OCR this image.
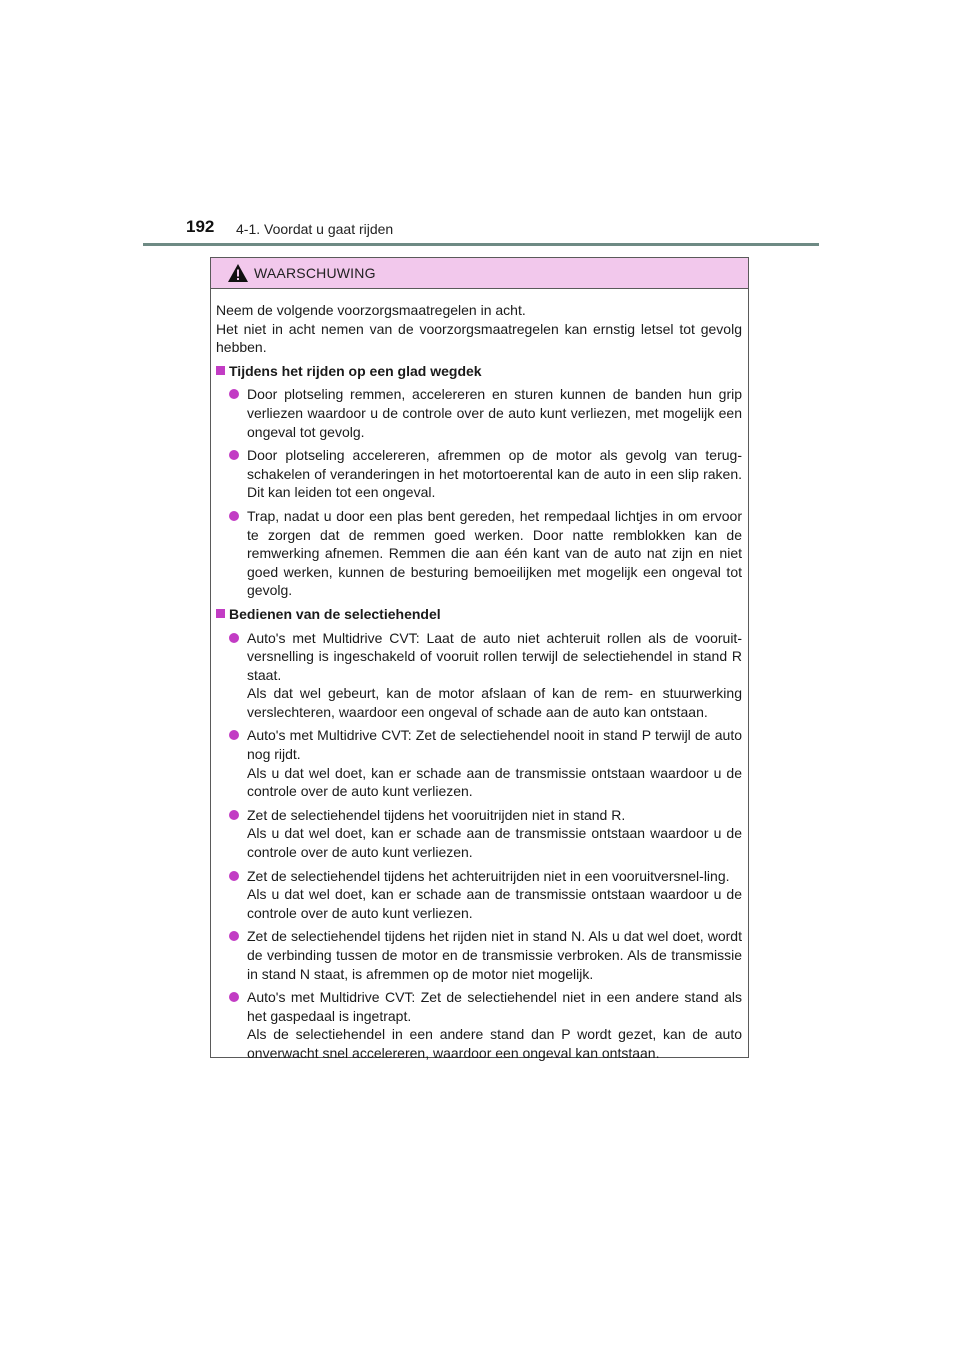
192 4-1. Voordat u gaat rijden
WAARSCHUWING

Neem de volgende voorzorgsmaatregelen in acht.
Het niet in acht nemen van de voorzorgsmaatregelen kan ernstig letsel tot gevolg hebben.

Tijdens het rijden op een glad wegdek

Door plotseling remmen, accelereren en sturen kunnen de banden hun grip verliezen waardoor u de controle over de auto kunt verliezen, met mogelijk een ongeval tot gevolg.

Door plotseling accelereren, afremmen op de motor als gevolg van terug-schakelen of veranderingen in het motortoerental kan de auto in een slip raken. Dit kan leiden tot een ongeval.

Trap, nadat u door een plas bent gereden, het rempedaal lichtjes in om ervoor te zorgen dat de remmen goed werken. Door natte remblokken kan de remwerking afnemen. Remmen die aan één kant van de auto nat zijn en niet goed werken, kunnen de besturing bemoeilijken met mogelijk een ongeval tot gevolg.

Bedienen van de selectiehendel

Auto's met Multidrive CVT: Laat de auto niet achteruit rollen als de vooruit-versnelling is ingeschakeld of vooruit rollen terwijl de selectiehendel in stand R staat.
Als dat wel gebeurt, kan de motor afslaan of kan de rem- en stuurwerking verslechteren, waardoor een ongeval of schade aan de auto kan ontstaan.

Auto's met Multidrive CVT: Zet de selectiehendel nooit in stand P terwijl de auto nog rijdt.
Als u dat wel doet, kan er schade aan de transmissie ontstaan waardoor u de controle over de auto kunt verliezen.

Zet de selectiehendel tijdens het vooruitrijden niet in stand R.
Als u dat wel doet, kan er schade aan de transmissie ontstaan waardoor u de controle over de auto kunt verliezen.

Zet de selectiehendel tijdens het achteruitrijden niet in een vooruitversnel-ling.
Als u dat wel doet, kan er schade aan de transmissie ontstaan waardoor u de controle over de auto kunt verliezen.

Zet de selectiehendel tijdens het rijden niet in stand N. Als u dat wel doet, wordt de verbinding tussen de motor en de transmissie verbroken. Als de transmissie in stand N staat, is afremmen op de motor niet mogelijk.

Auto's met Multidrive CVT: Zet de selectiehendel niet in een andere stand als het gaspedaal is ingetrapt.
Als de selectiehendel in een andere stand dan P wordt gezet, kan de auto onverwacht snel accelereren, waardoor een ongeval kan ontstaan.
